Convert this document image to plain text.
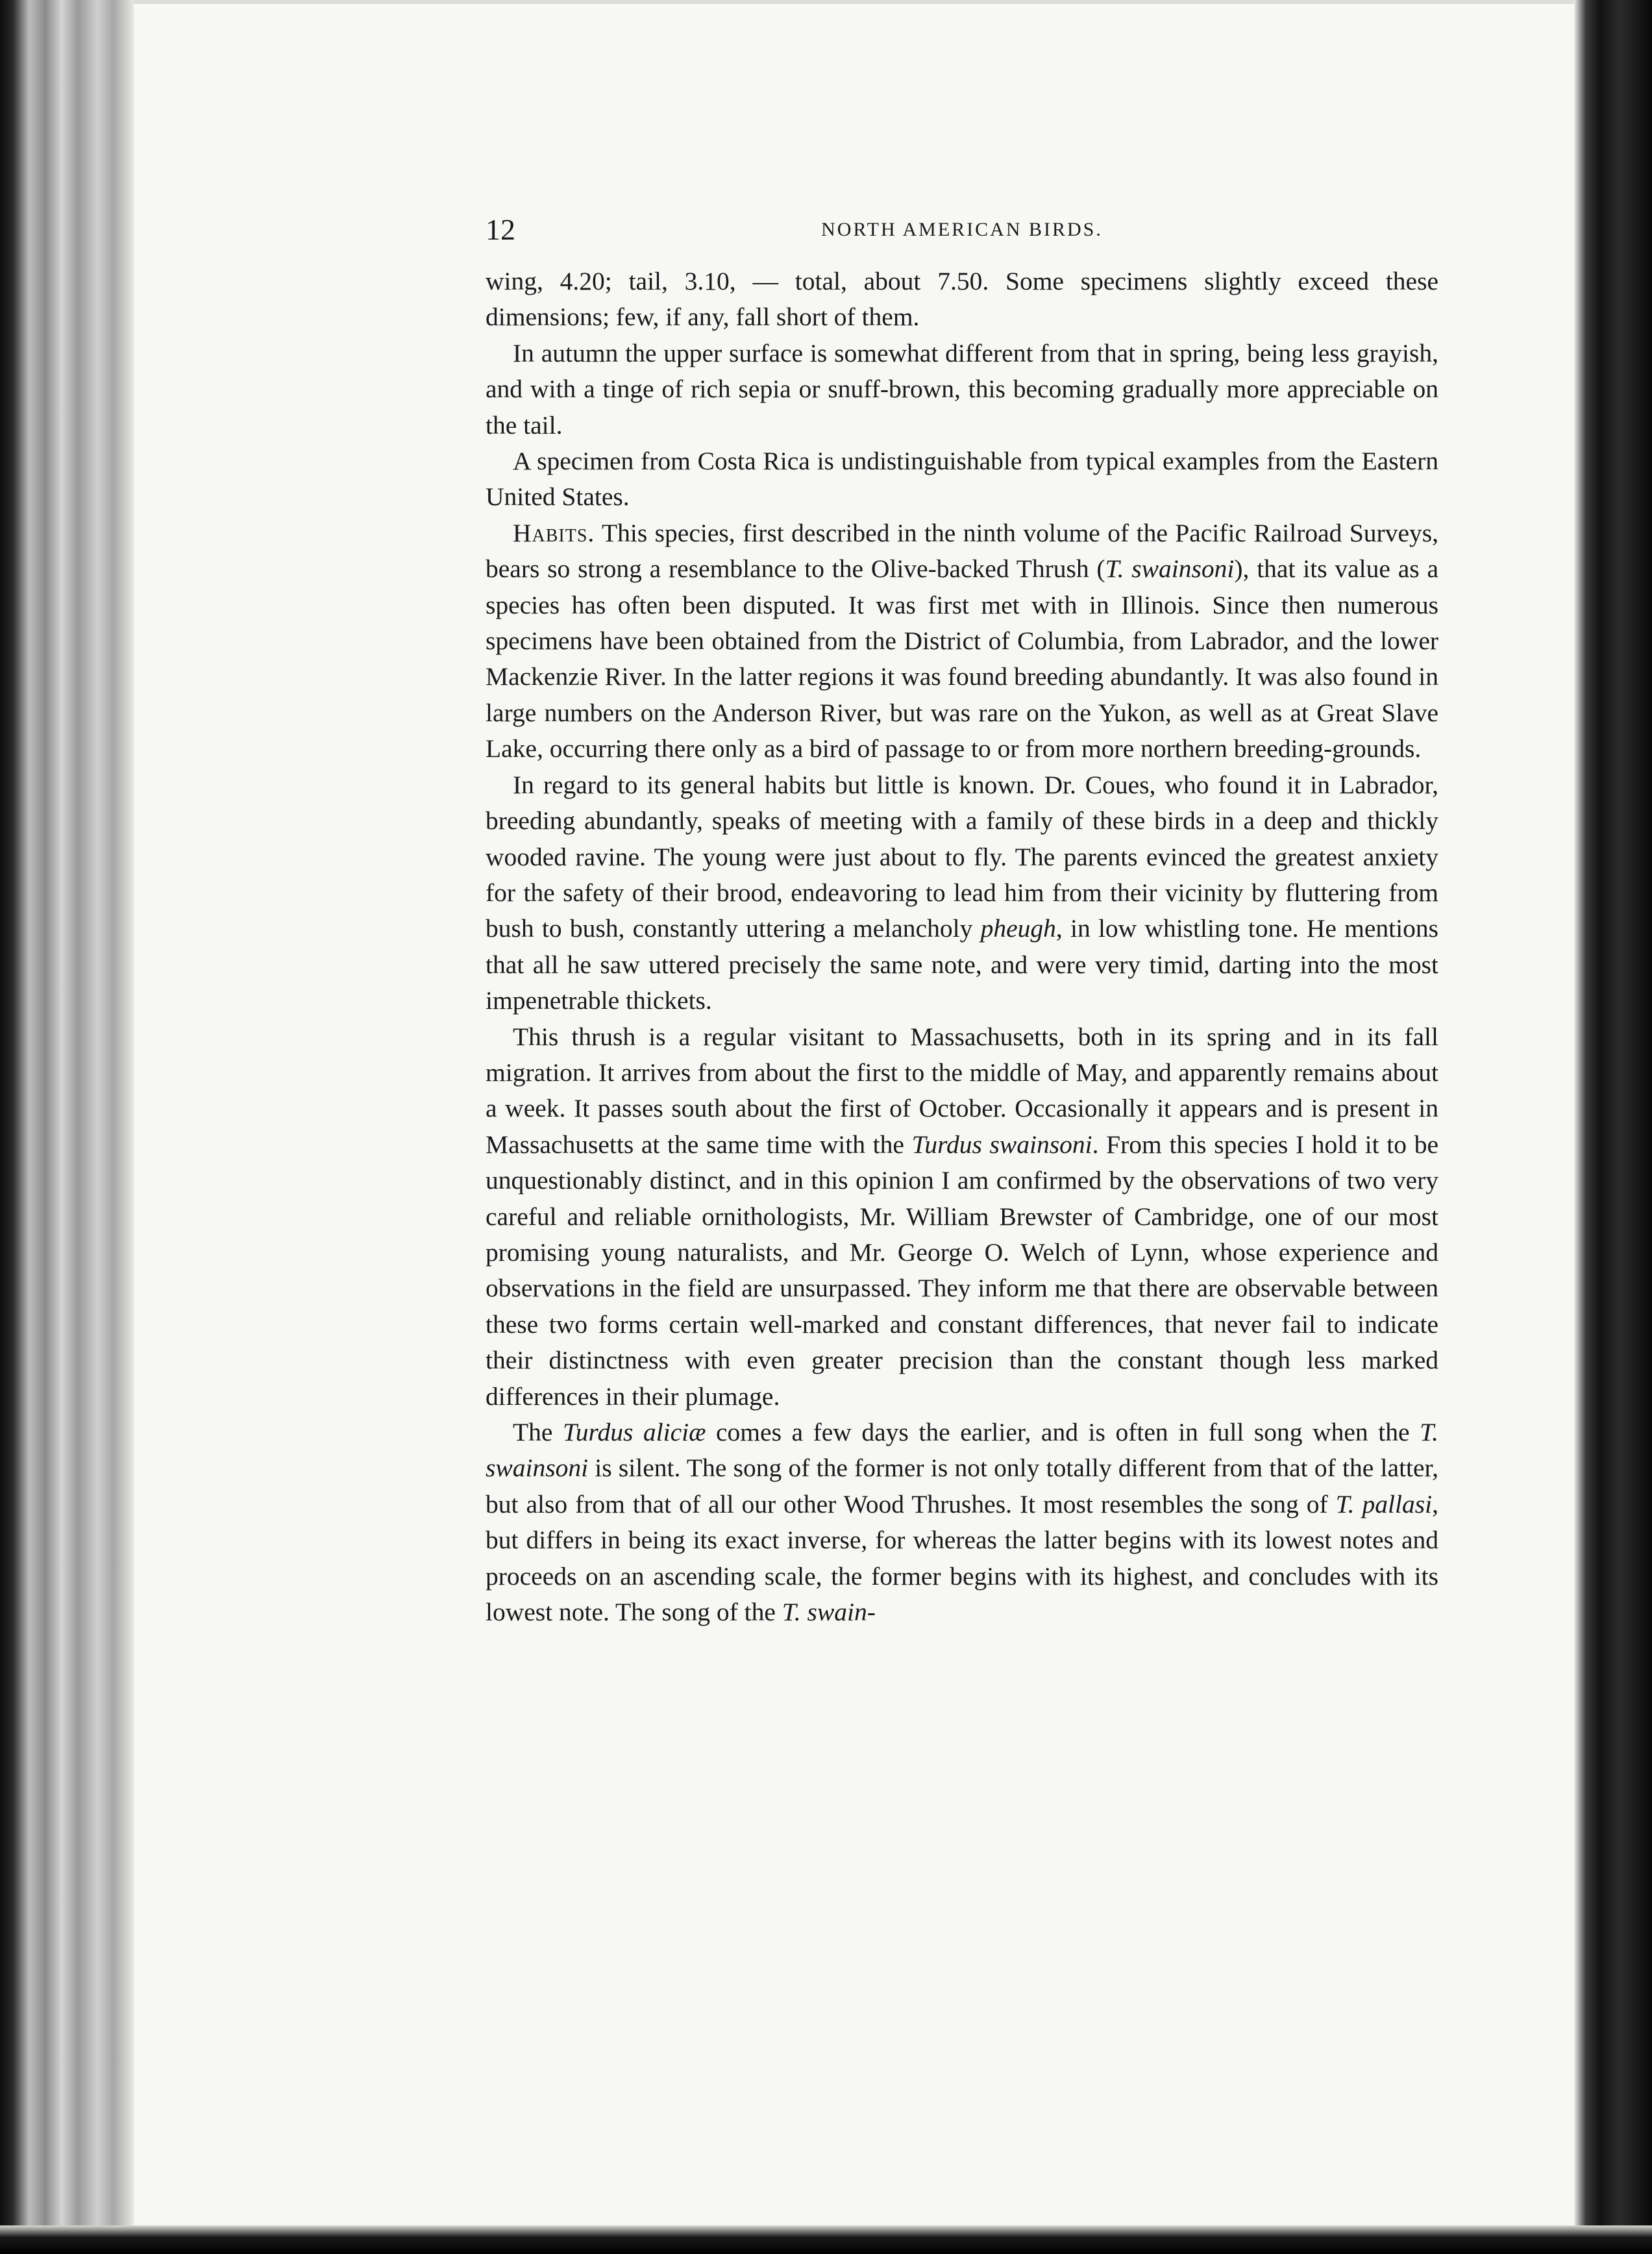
12	NORTH AMERICAN BIRDS.

wing, 4.20; tail, 3.10, — total, about 7.50. Some specimens slightly exceed these dimensions; few, if any, fall short of them.

In autumn the upper surface is somewhat different from that in spring, being less grayish, and with a tinge of rich sepia or snuff-brown, this becoming gradually more appreciable on the tail.

A specimen from Costa Rica is undistinguishable from typical examples from the Eastern United States.

Habits. This species, first described in the ninth volume of the Pacific Railroad Surveys, bears so strong a resemblance to the Olive-backed Thrush (T. swainsoni), that its value as a species has often been disputed. It was first met with in Illinois. Since then numerous specimens have been obtained from the District of Columbia, from Labrador, and the lower Mackenzie River. In the latter regions it was found breeding abundantly. It was also found in large numbers on the Anderson River, but was rare on the Yukon, as well as at Great Slave Lake, occurring there only as a bird of passage to or from more northern breeding-grounds.

In regard to its general habits but little is known. Dr. Coues, who found it in Labrador, breeding abundantly, speaks of meeting with a family of these birds in a deep and thickly wooded ravine. The young were just about to fly. The parents evinced the greatest anxiety for the safety of their brood, endeavoring to lead him from their vicinity by fluttering from bush to bush, constantly uttering a melancholy pheugh, in low whistling tone. He mentions that all he saw uttered precisely the same note, and were very timid, darting into the most impenetrable thickets.

This thrush is a regular visitant to Massachusetts, both in its spring and in its fall migration. It arrives from about the first to the middle of May, and apparently remains about a week. It passes south about the first of October. Occasionally it appears and is present in Massachusetts at the same time with the Turdus swainsoni. From this species I hold it to be unquestionably distinct, and in this opinion I am confirmed by the observations of two very careful and reliable ornithologists, Mr. William Brewster of Cambridge, one of our most promising young naturalists, and Mr. George O. Welch of Lynn, whose experience and observations in the field are unsurpassed. They inform me that there are observable between these two forms certain well-marked and constant differences, that never fail to indicate their distinctness with even greater precision than the constant though less marked differences in their plumage.

The Turdus aliciæ comes a few days the earlier, and is often in full song when the T. swainsoni is silent. The song of the former is not only totally different from that of the latter, but also from that of all our other Wood Thrushes. It most resembles the song of T. pallasi, but differs in being its exact inverse, for whereas the latter begins with its lowest notes and proceeds on an ascending scale, the former begins with its highest, and concludes with its lowest note. The song of the T. swain-
